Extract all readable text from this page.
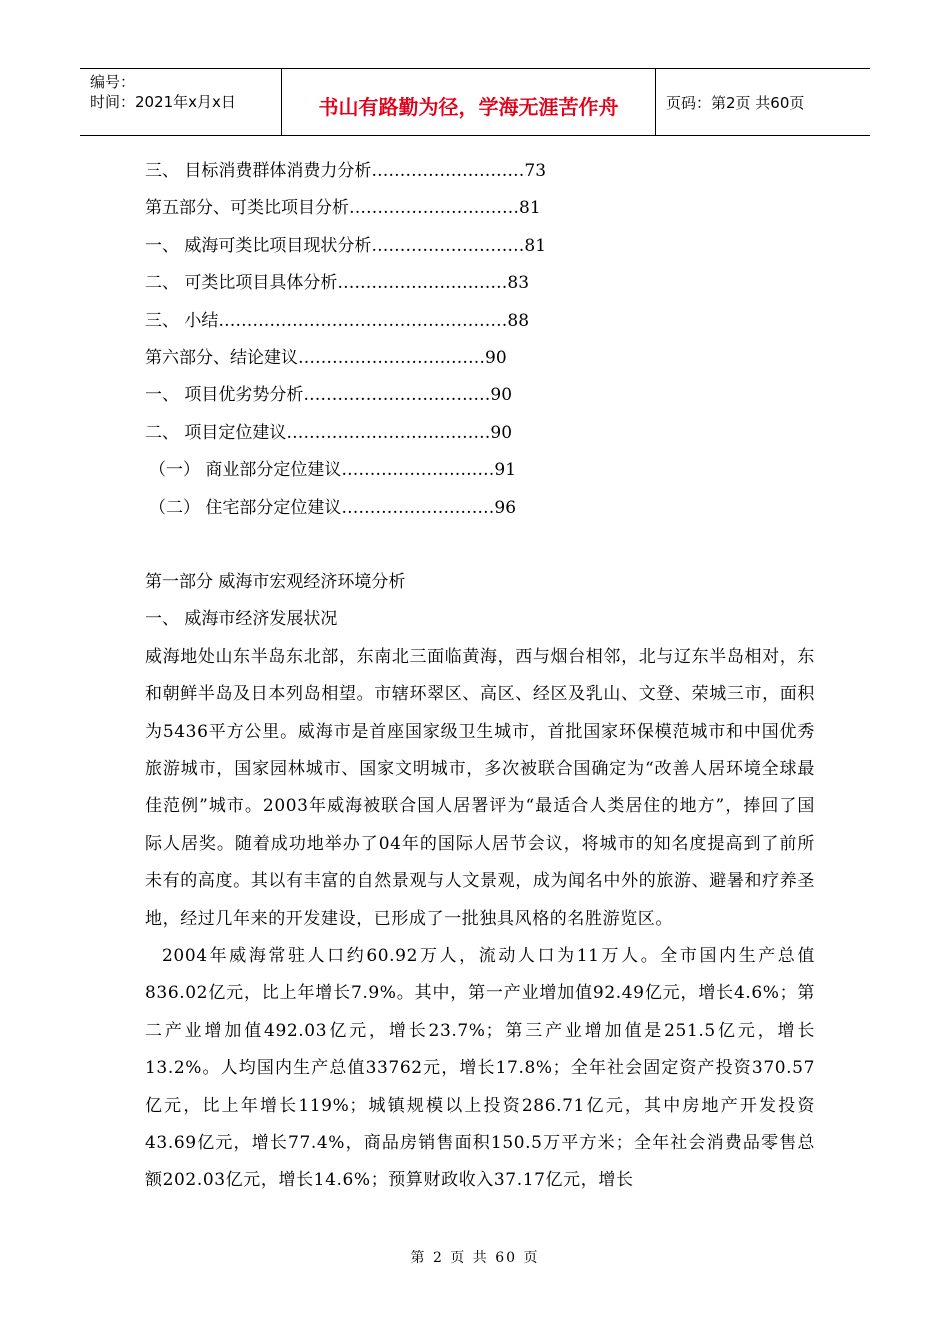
编号：
时间：2021年x月x日	书山有路勤为径，学海无涯苦作舟	页码：第2页 共60页
三、 目标消费群体消费力分析………………………73
第五部分、可类比项目分析…………………………81
一、 威海可类比项目现状分析………………………81
二、 可类比项目具体分析…………………………83
三、 小结……………………………………………88
第六部分、结论建议……………………………90
一、 项目优劣势分析……………………………90
二、 项目定位建议………………………………90
（一） 商业部分定位建议………………………91
（二） 住宅部分定位建议………………………96
第一部分 威海市宏观经济环境分析
一、 威海市经济发展状况

威海地处山东半岛东北部，东南北三面临黄海，西与烟台相邻，北与辽东半岛相对，东和朝鲜半岛及日本列岛相望。市辖环翠区、高区、经区及乳山、文登、荣城三市，面积为5436平方公里。威海市是首座国家级卫生城市，首批国家环保模范城市和中国优秀旅游城市，国家园林城市、国家文明城市，多次被联合国确定为“改善人居环境全球最佳范例”城市。2003年威海被联合国人居署评为“最适合人类居住的地方”，捧回了国际人居奖。随着成功地举办了04年的国际人居节会议，将城市的知名度提高到了前所未有的高度。其以有丰富的自然景观与人文景观，成为闻名中外的旅游、避暑和疗养圣地，经过几年来的开发建设，已形成了一批独具风格的名胜游览区。

2004年威海常驻人口约60.92万人，流动人口为11万人。全市国内生产总值836.02亿元，比上年增长7.9%。其中，第一产业增加值92.49亿元，增长4.6%；第二产业增加值492.03亿元，增长23.7%；第三产业增加值是251.5亿元，增长13.2%。人均国内生产总值33762元，增长17.8%；全年社会固定资产投资370.57亿元，比上年增长119%；城镇规模以上投资286.71亿元，其中房地产开发投资43.69亿元，增长77.4%，商品房销售面积150.5万平方米；全年社会消费品零售总额202.03亿元，增长14.6%；预算财政收入37.17亿元，增长

第 2 页 共 60 页
